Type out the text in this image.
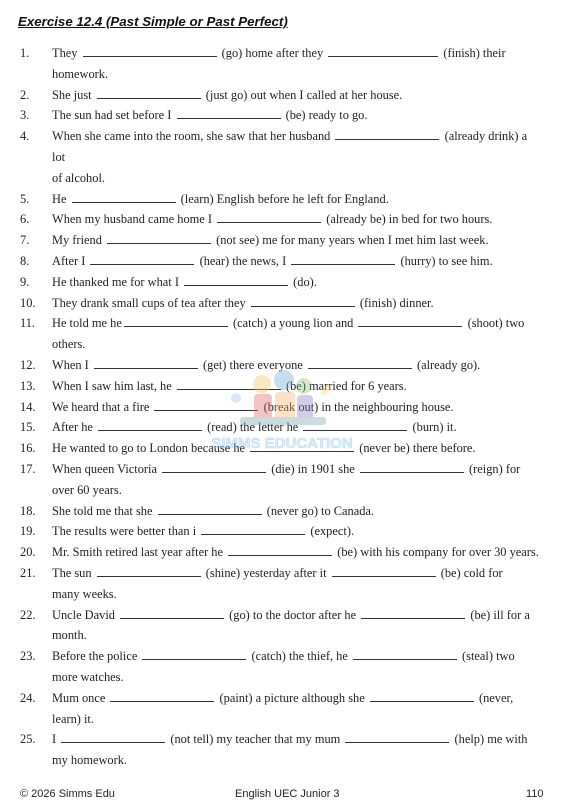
Exercise 12.4 (Past Simple or Past Perfect)
1. They	(go) home after they	(finish) their homework.
2. She just	(just go) out when I called at her house.
3. The sun had set before I	(be) ready to go.
4. When she came into the room, she saw that her husband	(already drink) a lot
of alcohol.
5. He	(learn) English before he left for England.
6. When my husband came home I	(already be) in bed for two hours.
7. My friend	(not see) me for many years when I met him last week.
8. After I	(hear) the news, I	(hurry) to see him.
9. He thanked me for what I	(do).
10. They drank small cups of tea after they	(finish) dinner.
11. He told me he	(catch) a young lion and	(shoot) two
others.
12. When I	(get) there everyone	(already go).
13. When I saw him last, he	(be) married for 6 years.
14. We heard that a fire	(break out) in the neighbouring house.
15. After he	(read) the letter he	(burn) it.
16. He wanted to go to London because he	(never be) there before.
17. When queen Victoria	(die) in 1901 she	(reign) for
over 60 years.
18. She told me that she	(never go) to Canada.
19. The results were better than i	(expect).
20. Mr. Smith retired last year after he	(be) with his company for over 30 years.
21. The sun	(shine) yesterday after it	(be) cold for
many weeks.
22. Uncle David	(go) to the doctor after he	(be) ill for a
month.
23. Before the police	(catch) the thief, he	(steal) two
more watches.
24. Mum once	(paint) a picture although she	(never,
learn) it.
25. I	(not tell) my teacher that my mum	(help) me with
my homework.
SIMMS EDUCATION
© 2026 Simms Edu	English UEC Junior 3	110
